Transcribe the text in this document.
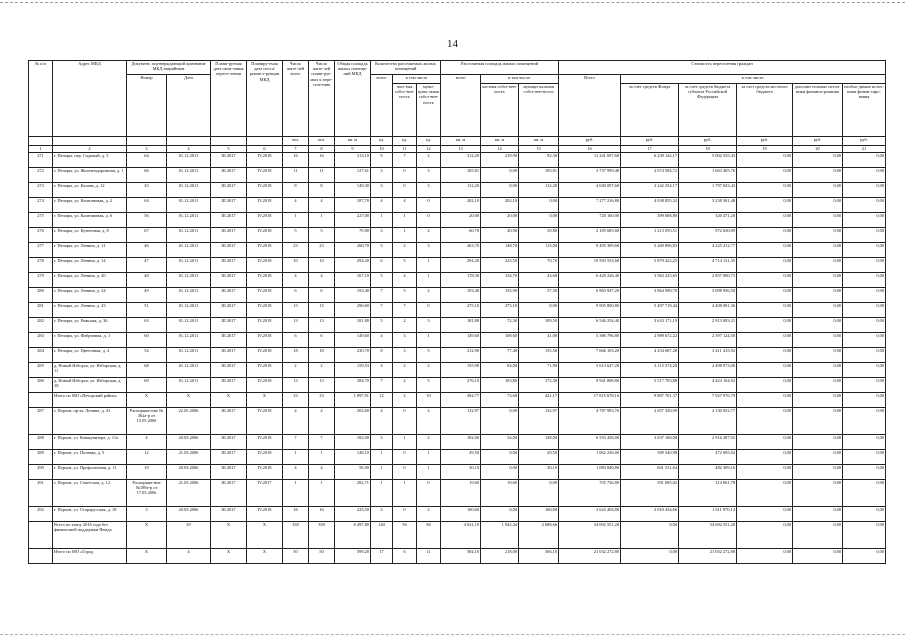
14
№ п/п	Адрес МКД	Документ, подтверждающий признание МКД аварийным		Плани-руемая дата окон-чания пересе-ления	Планиру-емая дата сноса/ реконст-рукции МКД	Число жите-лей всего	Число жите-лей плани-руе-мых к пере-селе-нию	Общая площадь жилых помеще-ний МКД	Количество расселяемых жилых помещений			Расселяемая площадь жилых помещений			Стоимость переселения граждан					
		Номер	Дата						всего	в том числе		всего	в том числе:		Всего	в том числе:				
										част-ная собст-вен-ность	муни-ципа-льная собст-вен-ность		частная собст-вен-ность	муници-пальная собст-вен-ность		за счет средств Фонда	за счет средств бюджета субъекта Российской Федерации	за счет средств местного бюджета	дополни-тельные источ-ники финанси-рования	необхо-димые источ-ники финан-сиро-вания
						чел.	чел.	кв. м	ед.	ед.	ед.	кв. м	кв. м	кв. м	руб.	руб.	руб.	руб.	руб.	руб.
1	2	3	4	5	6	7	8	9	10	11	12	13	14	15	16	17	18	19	20	21
271	г. Печоры, пер. Садовый, д. 5	64	01.12.2011	III.2017	IV.2018	16	16	313,10	9	7	2	312,20	219,90	92,30	11 241 697,60	6 239 142,17	5 002 555,43	0,00	0,00	0,00
272	г. Печоры, ул. Железнодорожная, д. 1	66	01.12.2011	III.2017	IV.2018	11	11	127,61	3	0	3	105,81	0,00	105,81	3 737 999,48	2 074 584,72	1 663 405,76	0,00	0,00	0,00
273	г. Печоры, ул. Калева, д. 12	43	01.12.2011	III.2017	IV.2018	8	8	149,30	3	0	3	112,20	0,00	112,20	4 040 097,60	2 242 254,17	1 797 843,43	0,00	0,00	0,00
274	г. Печоры, ул. Каштановая, д. 2	64	01.12.2011	III.2017	IV.2018	4	4	187,70	4	4	0	202,10	202,10	0,00	7 277 216,80	4 038 855,32	3 238 361,48	0,00	0,00	0,00
275	г. Печоры, ул. Каштановая, д. 6	56	01.12.2011	III.2017	IV.2018	1	1	227,00	1	1	0	20,00	20,00	0,00	720 160,00	399 688,80	320 471,20	0,00	0,00	0,00
276	г. Печоры, ул. Кузнечная, д. 8	67	01.12.2011	III.2017	IV.2018	5	5	79,80	3	1	2	60,70	20,90	39,80	2 185 685,60	1 213 055,51	972 630,09	0,00	0,00	0,00
277	г. Печоры, ул. Ленина, д. 11	46	01.12.2011	III.2017	IV.2018	23	23	260,70	5	2	3	263,70	148,70	115,00	9 495 309,60	5 269 896,83	4 225 412,77	0,00	0,00	0,00
278	г. Печоры, ул. Ленина, д. 14	47	01.12.2011	III.2017	IV.2018	10	10	294,20	6	5	1	294,20	223,50	70,70	10 593 553,60	5 879 422,25	4 714 131,35	0,00	0,00	0,00
279	г. Печоры, ул. Ленина, д. 20	48	01.12.2011	III.2017	IV.2018	4	4	167,10	5	4	1	178,30	134,70	43,60	6 420 226,40	3 563 225,65	2 857 000,75	0,00	0,00	0,00
280	г. Печоры, ул. Ленина, д. 24	49	01.12.2011	III.2017	IV.2018	6	6	193,40	7	5	2	193,40	135,90	57,50	6 963 947,20	3 864 990,70	3 098 956,50	0,00	0,00	0,00
281	г. Печоры, ул. Ленина, д. 43	51	01.12.2011	III.2017	IV.2018	15	15	296,60	7	7	0	275,10	275,10	0,00	9 905 800,80	5 497 719,44	4 408 081,36	0,00	0,00	0,00
282	г. Печоры, ул. Рижская, д. 36	63	01.12.2011	III.2017	IV.2018	13	13	181,80	5	2	3	181,80	72,30	109,50	6 546 254,40	3 633 171,19	2 913 083,21	0,00	0,00	0,00
283	г. Печоры, ул. Фабричная, д. 1	60	01.12.2011	III.2017	IV.2018	6	6	149,60	4	3	1	149,60	108,60	41,00	5 386 796,80	2 989 672,22	2 397 124,58	0,00	0,00	0,00
284	г. Печоры, ул. Цветочная, д. 4	54	01.12.2011	III.2017	IV.2018	18	18	230,70	8	3	5	212,90	77,40	135,50	7 666 103,20	4 254 687,28	3 411 415,92	0,00	0,00	0,00
285	д. Новый Изборск, ул. Изборская, д. 11	68	01.12.2011	III.2017	IV.2018	2	2	159,53	4	2	2	155,90	84,00	71,90	5 613 647,20	3 115 574,20	2 498 073,00	0,00	0,00	0,00
286	д. Новый Изборск, ул. Изборская, д. 18	69	01.12.2011	III.2017	IV.2018	13	13	284,70	7	2	5	276,10	103,80	172,30	9 941 808,80	5 517 703,88	4 424 104,92	0,00	0,00	0,00
	Итого по МО «Печорский район»	X	X	X	X	33	33	1 097,91	12	2	10	494,77	73,60	421,17	17 815 678,16	9 887 701,37	7 927 976,79	0,00	0,00	0,00
287	г. Порхов, пр-кт. Ленина, д. 41	Распоряже-ние № 362а-р от 15.05.2006	22.05.2006	III.2017	IV.2018	4	4	202,60	4	0	4	132,97	0,00	132,97	4 787 983,76	2 657 330,99	2 130 652,77	0,00	0,00	0,00
288	г. Порхов, ул. Коммунитера, д. 11а	4	20.03.2006	III.2017	IV.2018	7	7	182,00	3	1	2	182,00	54,00	128,00	6 553 456,00	3 637 168,08	2 916 287,92	0,00	0,00	0,00
289	г. Порхов, ул. Полевая, д. 5	12	21.03.2006	III.2017	IV.2018	1	1	148,10	1	0	1	29,50	0,00	29,50	1 062 236,00	589 540,98	472 695,02	0,00	0,00	0,00
290	г. Порхов, ул. Профсоюзная, д. 11	10	20.03.2006	III.2017	IV.2018	4	4	56,90	1	0	1	30,10	0,00	30,10	1 083 840,80	601 531,64	482 309,16	0,00	0,00	0,00
291	г. Порхов, ул. Советская, д. 12	Распоряже-ние №189а-р от 17.03.2006	21.03.2006	III.2017	IV.2017	1	1	282,71	1	1	0	19,60	19,60	0,00	705 756,80	391 695,02	314 061,78	0,00	0,00	0,00
292	г. Порхов, ул. Старорусская, д. 18	3	20.03.2006	III.2017	IV.2018	16	16	225,50	2	0	2	100,60	0,00	100,60	3 622 404,80	2 010 434,66	1 611 970,14	0,00	0,00	0,00
	Всего по этапу 2016 года без финансовой поддержки Фонда	X	29	X	X	339	339	6 497,80	140	56	84	4 631,10	1 942,44	2 688,66	54 692 551,20	0,00	54 692 551,20	0,00	0,00	0,00
	Итого по МО «Город	X	4	X	X	50	50	599,20	17	6	11	584,10	218,00	366,10	21 032 272,80	0,00	21 032 272,80	0,00	0,00	0,00
